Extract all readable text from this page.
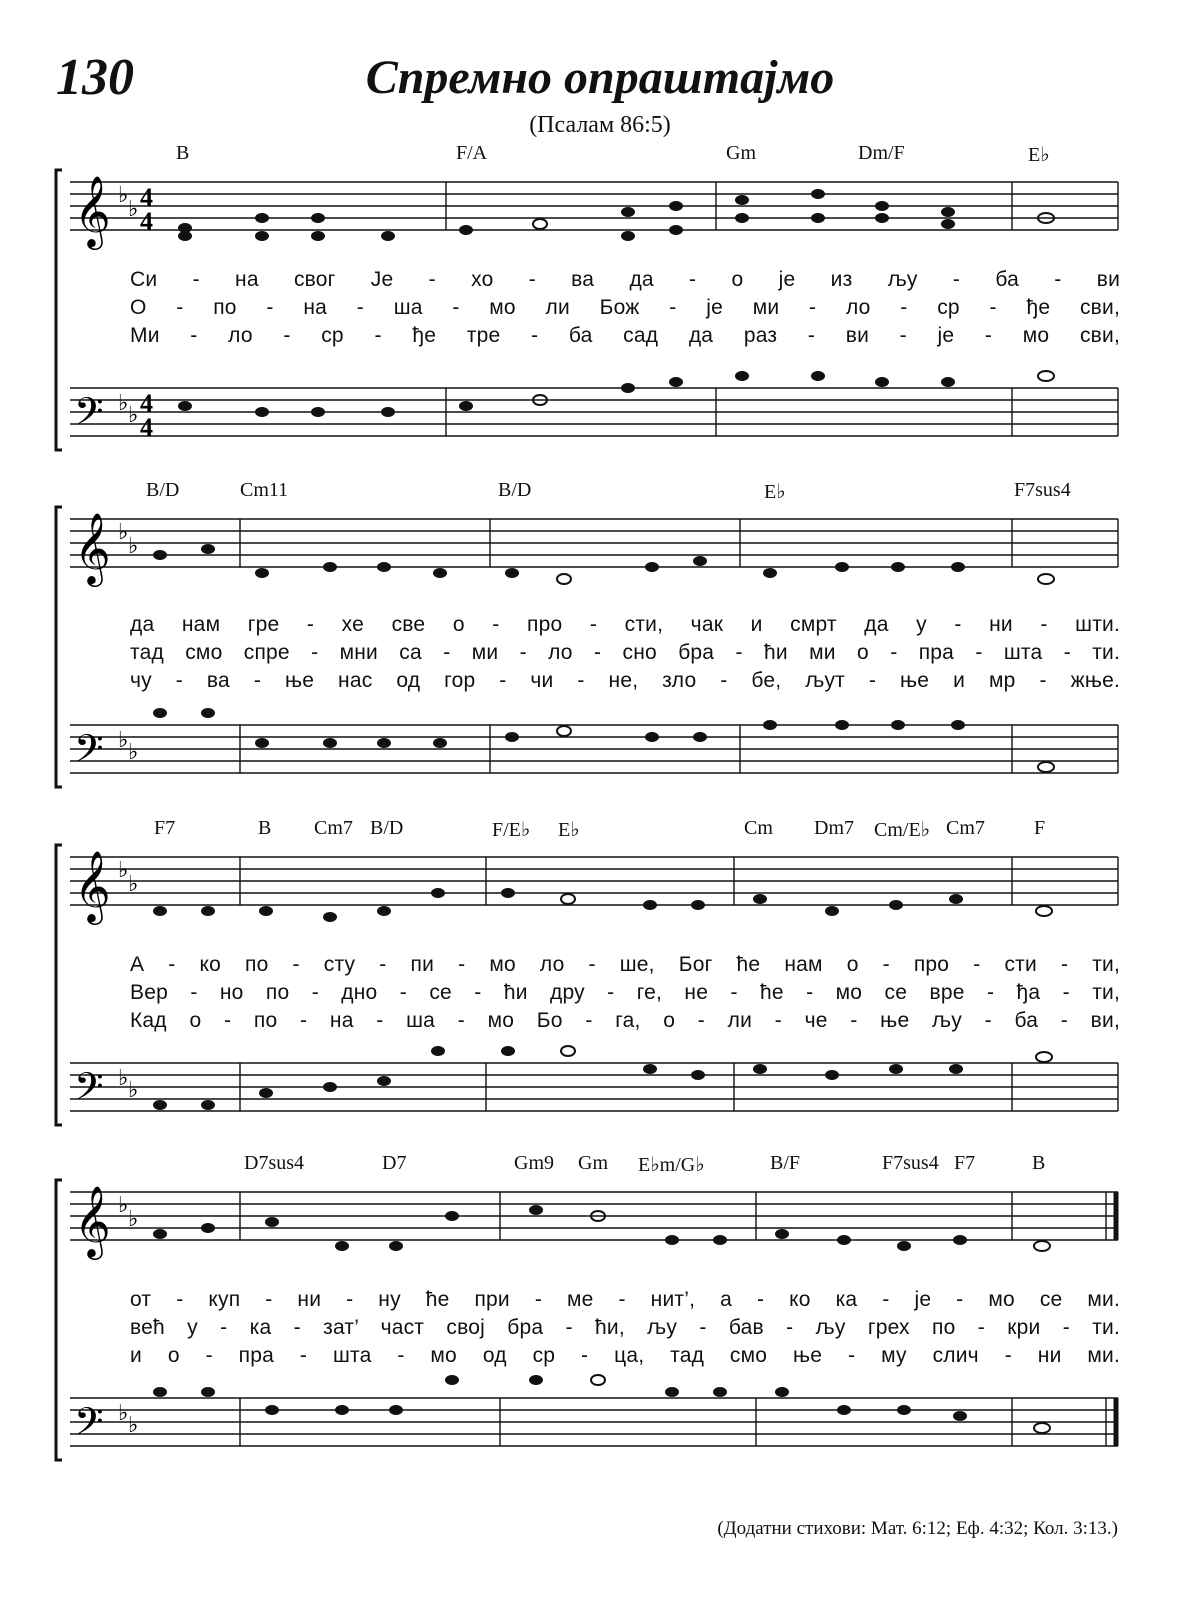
130	Спремно опраштајмо
(Псалам 86:5)
𝄞
𝄢
♭
♭
♭ ♭
4
4
4
4
B	F/A	Gm	Dm/F	E♭
Си - на свог Је - хо - ва да - о је из љу - ба - ви
О - по - на - ша - мо ли Бож - је ми - ло - ср - ђе сви,
Ми - ло - ср - ђе тре - ба сад да раз - ви - је - мо сви,
𝄞
𝄢
♭
♭
♭ ♭
B/D	Cm11	B/D	E♭	F7sus4
да нам гре - хе све о - про - сти, чак и смрт да у - ни - шти.
тад смо спре - мни са - ми - ло - сно бра - ћи ми о - пра - шта - ти.
чу - ва - ње нас од гор - чи - не, зло - бе, љут - ње и мр - жње.
𝄞
𝄢
♭
♭
♭ ♭
F7	B Cm7 B/D	F/E♭ E♭	Cm Dm7 Cm/E♭ Cm7 F
А - ко по - сту - пи - мо ло - ше, Бог ће нам о - про - сти - ти,
Вер - но по - дно - се - ћи дру - ге, не - ће - мо се вре - ђа - ти,
Кад о - по - на - ша - мо Бо - га, о - ли - че - ње љу - ба - ви,
𝄞
𝄢
♭
♭
♭ ♭
D7sus4	D7	Gm9 Gm E♭m/G♭	B/F	F7sus4 F7	B
от - куп - ни - ну ће при - ме - нит’, а - ко ка - је - мо се ми.
већ у - ка - зат’ част свој бра - ћи, љу - бав - љу грех по - кри - ти.
и о - пра - шта - мо од ср - ца, тад смо ње - му слич - ни ми.
(Додатни стихови: Мат. 6:12; Еф. 4:32; Кол. 3:13.)
